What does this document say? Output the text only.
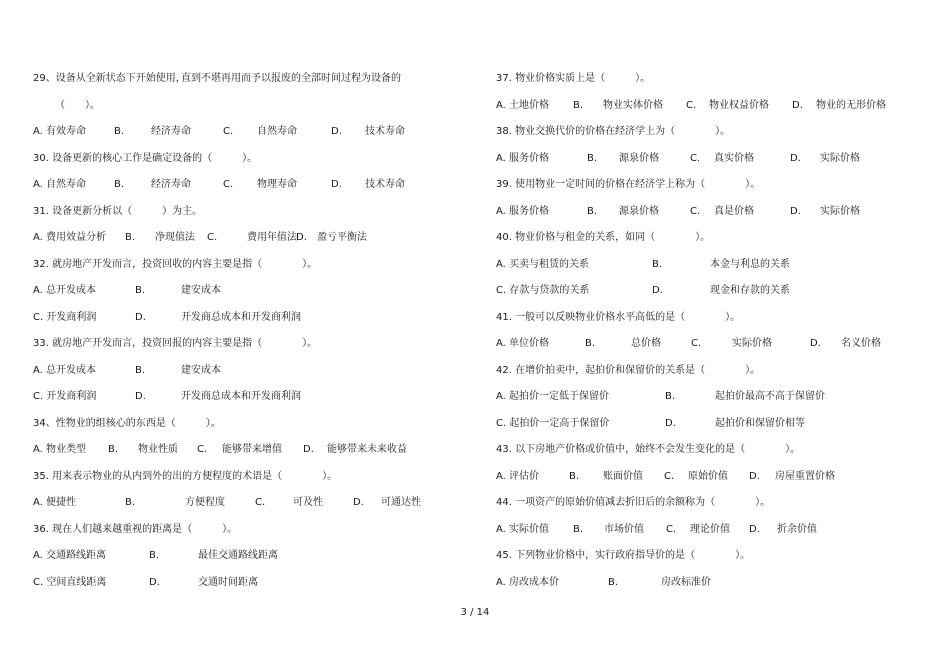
29、设备从全新状态下开始使用，
直到不堪再用而予以报废的全部时间过程为设备的
（　　）。
A. 有效寿命	B.	经济寿命	C. 自然寿命	D. 技术寿命
30. 设备更新的核心工作是确定设备的（　　　）。
A. 自然寿命	B.	经济寿命	C. 物理寿命	D. 技术寿命
31. 设备更新分析以（　　　）为主。
A. 费用效益分析 B. 净现值法 C.	费用年值法 D. 盈亏平衡法
32. 就房地产开发而言，投资回收的内容主要是指（　　　　）。
A. 总开发成本	B.	建安成本
C. 开发商利润	D.	开发商总成本和开发商利润
33. 就房地产开发而言，投资回报的内容主要是指（　　　　）。
A. 总开发成本	B.	建安成本
C. 开发商利润	D.	开发商总成本和开发商利润
34、性物业的组核心的东西是（　　　）。
A. 物业类型 B. 物业性质 C. 能够带来增值 D. 能够带来未来收益
35. 用来表示物业的从内到外的出的方便程度的术语是（　　　　）。
A. 便捷性	B.	方便程度	C.	可及性	D. 可通达性
36. 现在人们越来越重视的距离是（　　　）。
A. 交通路线距离	B.	最佳交通路线距离
C. 空间直线距离	D.	交通时间距离
37. 物业价格实质上是（　　　）。
A. 土地价格 B. 物业实体价格 C. 物业权益价格 D. 物业的无形价格
38. 物业交换代价的价格在经济学上为（　　　　）。
A. 服务价格	B. 源泉价格	C. 真实价格	D. 实际价格
39. 使用物业一定时间的价格在经济学上称为（　　　　）。
A. 服务价格	B. 源泉价格	C. 真是价格	D. 实际价格
40. 物业价格与租金的关系，如同（　　　　）。
A. 买卖与租赁的关系	B.	本金与利息的关系
C. 存款与贷款的关系	D.	现金和存款的关系
41. 一般可以反映物业价格水平高低的是（　　　　）。
A. 单位价格	B.	总价格	C.	实际价格	D. 名义价格
42. 在增价拍卖中，起拍价和保留价的关系是（　　　　）。
A. 起拍价一定低于保留价	B.	起拍价最高不高于保留价
C. 起拍价一定高于保留价	D.	起拍价和保留价相等
43. 以下房地产价格或价值中，始终不会发生变化的是（　　　　）。
A. 评估价	B. 账面价值 C. 原始价值 D. 房屋重置价格
44. 一项资产的原始价值减去折旧后的余额称为（　　　　）。
A. 实际价值 B. 市场价值 C. 理论价值 D. 折余价值
45. 下列物业价格中，实行政府指导价的是（　　　　）。
A. 房改成本价	B.	房改标准价
3 / 14
